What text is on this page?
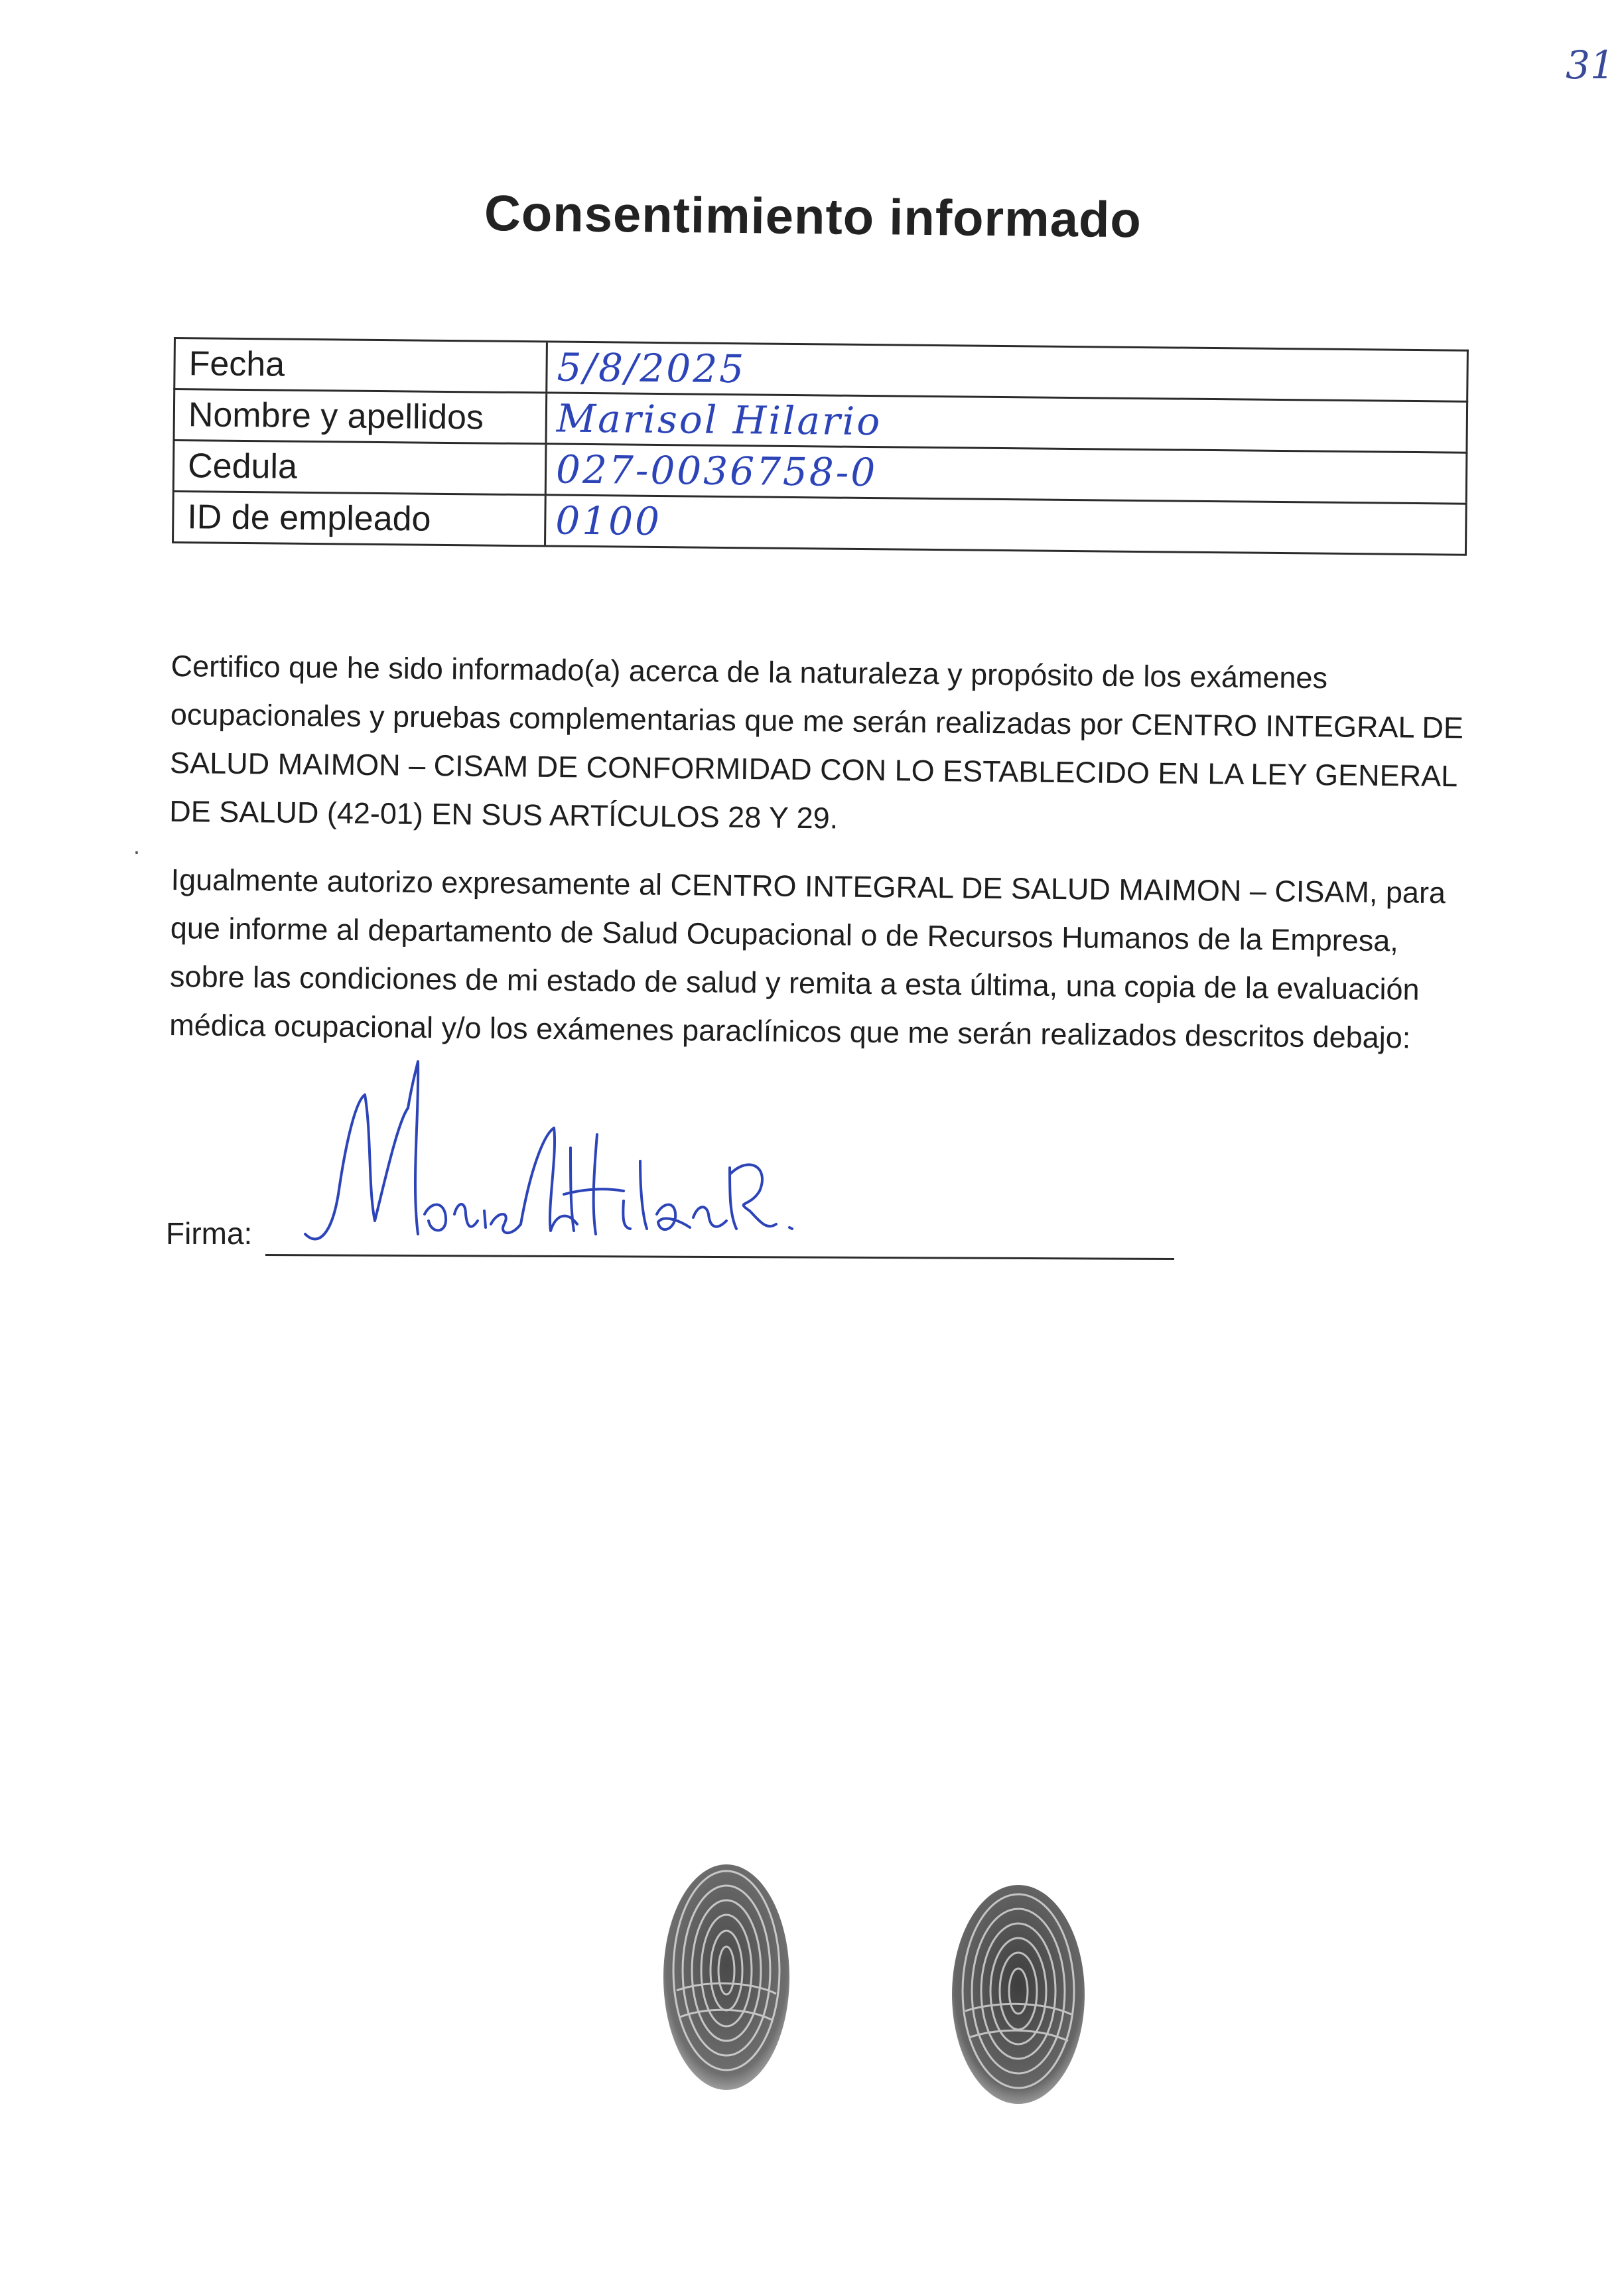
31
Consentimiento informado
Fecha	5/8/2025
Nombre y apellidos	Marisol Hilario
Cedula	027-0036758-0
ID de empleado	0100

Certifico que he sido informado(a) acerca de la naturaleza y propósito de los exámenes ocupacionales y pruebas complementarias que me serán realizadas por CENTRO INTEGRAL DE SALUD MAIMON – CISAM DE CONFORMIDAD CON LO ESTABLECIDO EN LA LEY GENERAL DE SALUD (42-01) EN SUS ARTÍCULOS 28 Y 29.

·

Igualmente autorizo expresamente al CENTRO INTEGRAL DE SALUD MAIMON – CISAM, para que informe al departamento de Salud Ocupacional o de Recursos Humanos de la Empresa, sobre las condiciones de mi estado de salud y remita a esta última, una copia de la evaluación médica ocupacional y/o los exámenes paraclínicos que me serán realizados descritos debajo:

Firma:
